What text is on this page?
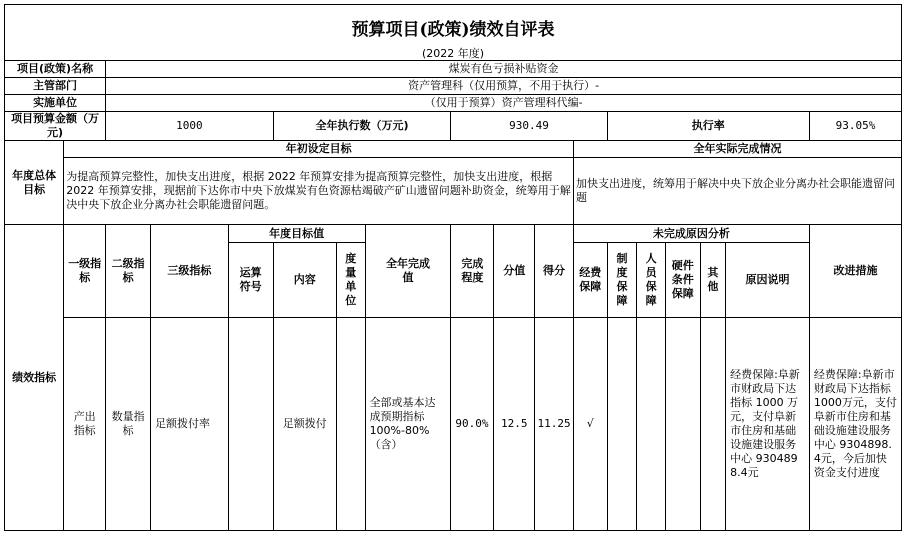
预算项目(政策)绩效自评表
(2022 年度)
项目(政策)名称		煤炭有色亏损补贴资金															
主管部门		资产管理科（仅用预算，不用于执行）-															
实施单位		（仅用于预算）资产管理科代编-															
项目预算金额（万元)		1000			全年执行数（万元)			930.49				执行率					93.05%
年度总体目标	年初设定目标										全年实际完成情况						
	为提高预算完整性，加快支出进度，根据 2022 年预算安排为提高预算完整性，加快支出进度，根据 2022 年预算安排，现据前下达你市中央下放煤炭有色资源枯竭破产矿山遗留问题补助资金，统筹用于解决中央下放企业分离办社会职能遗留问题。										加快支出进度，统筹用于解决中央下放企业分离办社会职能遗留问题						
绩效指标	一级指标	二级指标	三级指标	年度目标值			全年完成值	完成程度	分值	得分	未完成原因分析						改进措施
				运算符号	内容	度量单位					经费保障	制度保障	人员保障	硬件条件保障	其他	原因说明	
	产出指标	数量指标	足额拨付率		足额拨付		全部或基本达成预期指标 100%-80%（含）	90.0%	12.5	11.25	√					经费保障:阜新市财政局下达指标 1000 万元，支付阜新市住房和基础设施建设服务中心 9304898.4元	经费保障:阜新市财政局下达指标 1000万元，支付阜新市住房和基础设施建设服务中心 9304898.4元，今后加快资金支付进度
